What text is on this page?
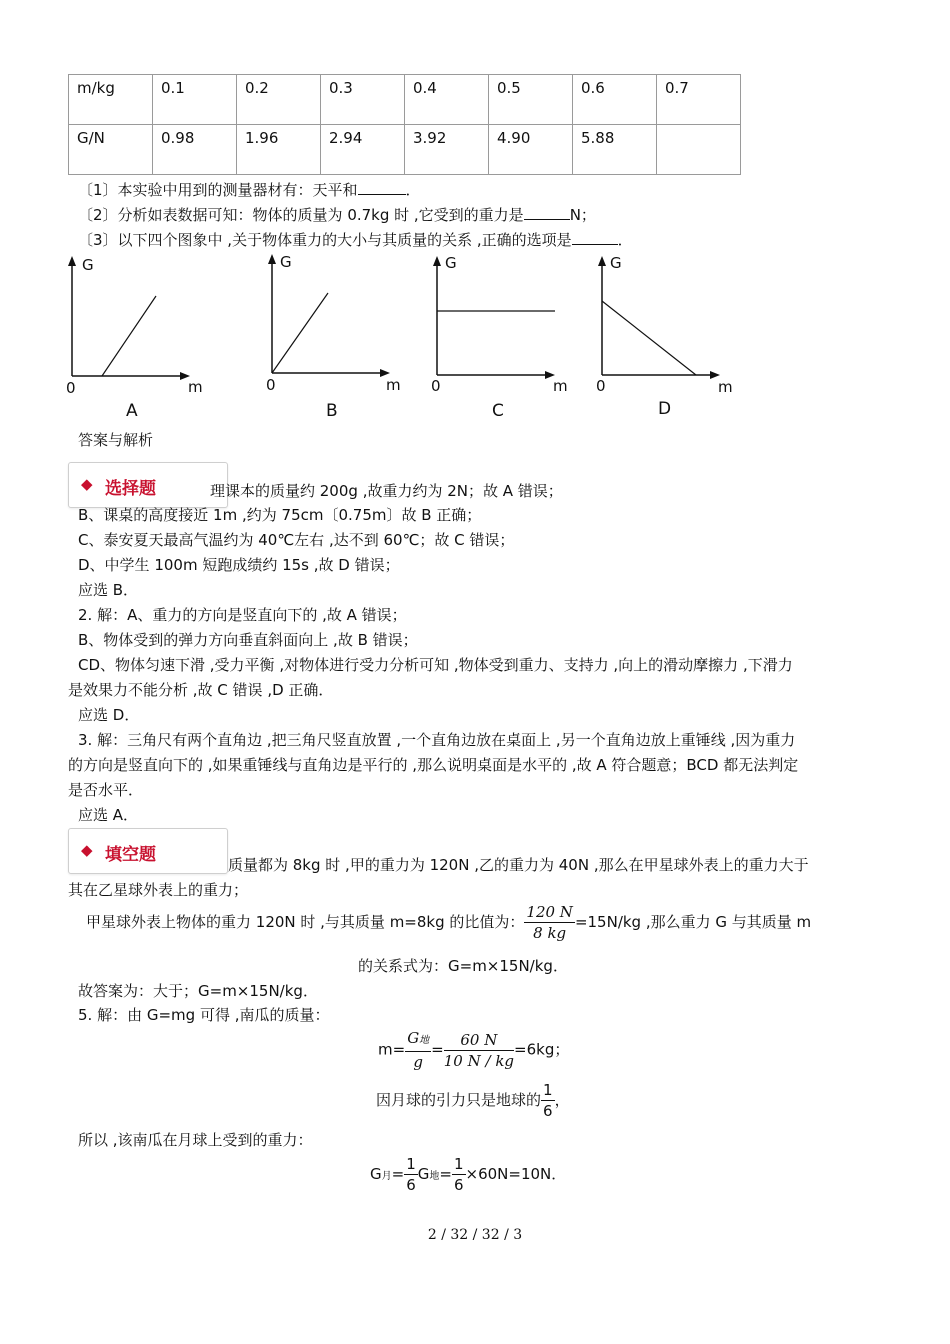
m/kg	0.1	0.2	0.3	0.4	0.5	0.6	0.7
G/N	0.98	1.96	2.94	3.92	4.90	5.88	
〔1〕本实验中用到的测量器材有：天平和	．
〔2〕分析如表数据可知：物体的质量为 0.7kg 时 ,它受到的重力是	N；
〔3〕以下四个图象中 ,关于物体重力的大小与其质量的关系 ,正确的选项是	．
G
m
0
A
G
m
0
B
G
m
0
C
G
m
0
D
答案与解析
◆ 选择题	理课本的质量约 200g ,故重力约为 2N；故 A 错误；
B、课桌的高度接近 1m ,约为 75cm〔0.75m〕故 B 正确；
C、泰安夏天最高气温约为 40℃左右 ,达不到 60℃；故 C 错误；
D、中学生 100m 短跑成绩约 15s ,故 D 错误；
应选 B．
2. 解：A、重力的方向是竖直向下的 ,故 A 错误；
B、物体受到的弹力方向垂直斜面向上 ,故 B 错误；
CD、物体匀速下滑 ,受力平衡 ,对物体进行受力分析可知 ,物体受到重力、支持力 ,向上的滑动摩擦力 ,下滑力
是效果力不能分析 ,故 C 错误 ,D 正确．
应选 D．
3. 解：三角尺有两个直角边 ,把三角尺竖直放置 ,一个直角边放在桌面上 ,另一个直角边放上重锤线 ,因为重力
的方向是竖直向下的 ,如果重锤线与直角边是平行的 ,那么说明桌面是水平的 ,故 A 符合题意；BCD 都无法判定
是否水平．
应选 A．
◆ 填空题	质量都为 8kg 时 ,甲的重力为 120N ,乙的重力为 40N ,那么在甲星球外表上的重力大于
其在乙星球外表上的重力；
甲星球外表上物体的重力 120N 时 ,与其质量 m=8kg 的比值为： $\frac{120 N}{8 kg} =15N/kg$ ,那么重力 G 与其质量 m
的关系式为：G=m×15N/kg．
故答案为：大于；G=m×15N/kg．
5. 解：由 G=mg 可得 ,南瓜的质量：
$m= \frac{\text{G地}}{g} = \frac{60 N}{10 N / kg} =6kg$；
因月球的引力只是地球的 $\frac{1}{6}$ ，
所以 ,该南瓜在月球上受到的重力：
G月= $\frac{1}{6}$ G地= $\frac{1}{6} \times 60N=10N$．
2 / 32 / 32 / 3
